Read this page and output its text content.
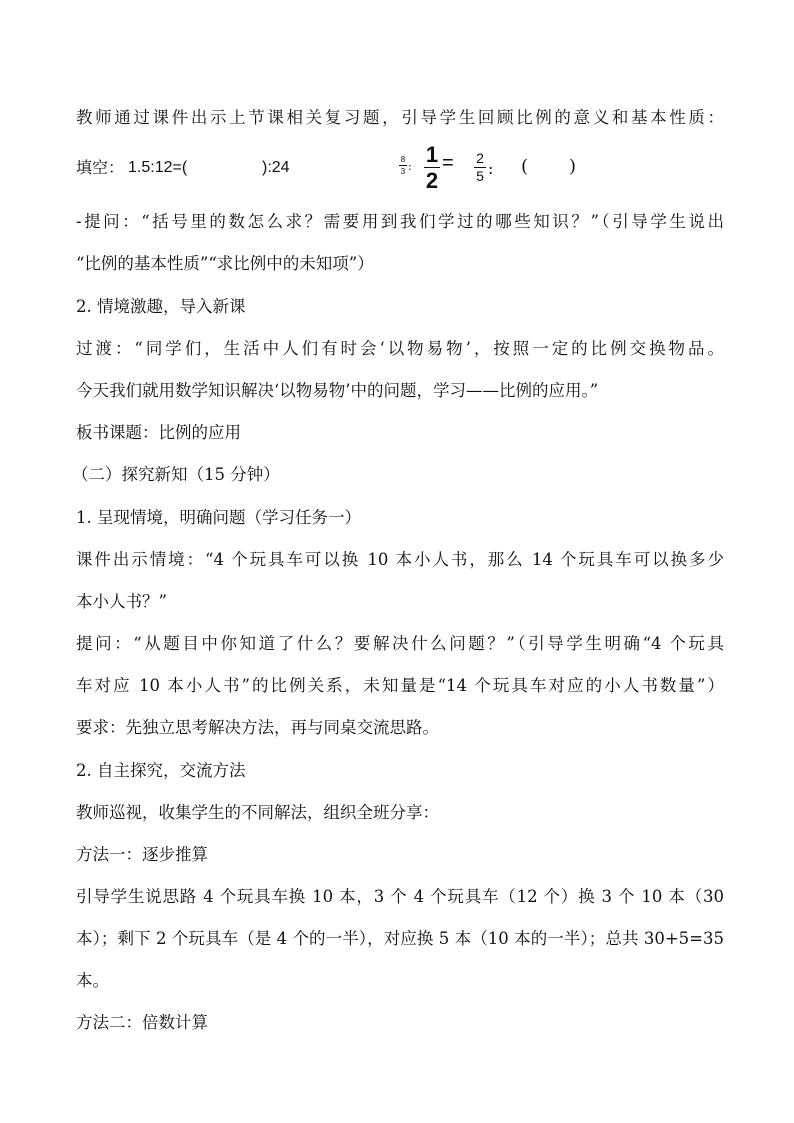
教师通过课件出示上节课相关复习题，引导学生回顾比例的意义和基本性质：
填空： 1.5:12=(	):24	8
3 : 1
2
= 2
5 : ( )
-提问：“括号里的数怎么求？需要用到我们学过的哪些知识？”（引导学生说出
“比例的基本性质”“求比例中的未知项”）
2. 情境激趣，导入新课
过渡：“同学们，生活中人们有时会‘以物易物’，按照一定的比例交换物品。
今天我们就用数学知识解决‘以物易物’中的问题，学习——比例的应用。”
板书课题：比例的应用
（二）探究新知（15 分钟）
1. 呈现情境，明确问题（学习任务一）
课件出示情境：“4 个玩具车可以换 10 本小人书，那么 14 个玩具车可以换多少
本小人书？”
提问：“从题目中你知道了什么？要解决什么问题？”（引导学生明确“4 个玩具
车对应 10 本小人书”的比例关系，未知量是“14 个玩具车对应的小人书数量”）
要求：先独立思考解决方法，再与同桌交流思路。
2. 自主探究，交流方法
教师巡视，收集学生的不同解法，组织全班分享：
方法一：逐步推算
引导学生说思路 4 个玩具车换 10 本，3 个 4 个玩具车（12 个）换 3 个 10 本（30
本）；剩下 2 个玩具车（是 4 个的一半），对应换 5 本（10 本的一半）；总共 30+5=35
本。
方法二：倍数计算
